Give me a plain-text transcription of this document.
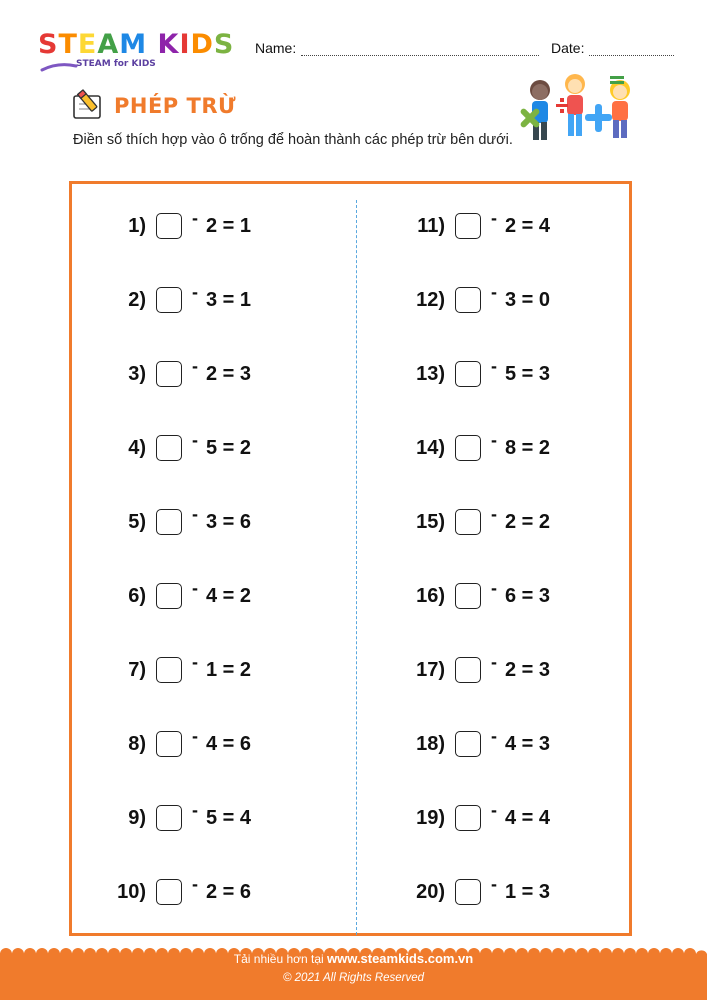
STEAM KIDS
STEAM for KIDS
Name:	Date:
PHÉP TRỪ
Điền số thích hợp vào ô trống để hoàn thành các phép trừ bên dưới.
1)	- 2 = 1
2)	- 3 = 1
3)	- 2 = 3
4)	- 5 = 2
5)	- 3 = 6
6)	- 4 = 2
7)	- 1 = 2
8)	- 4 = 6
9)	- 5 = 4
10)	- 2 = 6
11)	- 2 = 4
12)	- 3 = 0
13)	- 5 = 3
14)	- 8 = 2
15)	- 2 = 2
16)	- 6 = 3
17)	- 2 = 3
18)	- 4 = 3
19)	- 4 = 4
20)	- 1 = 3
Tải nhiều hơn tại www.steamkids.com.vn
© 2021 All Rights Reserved
